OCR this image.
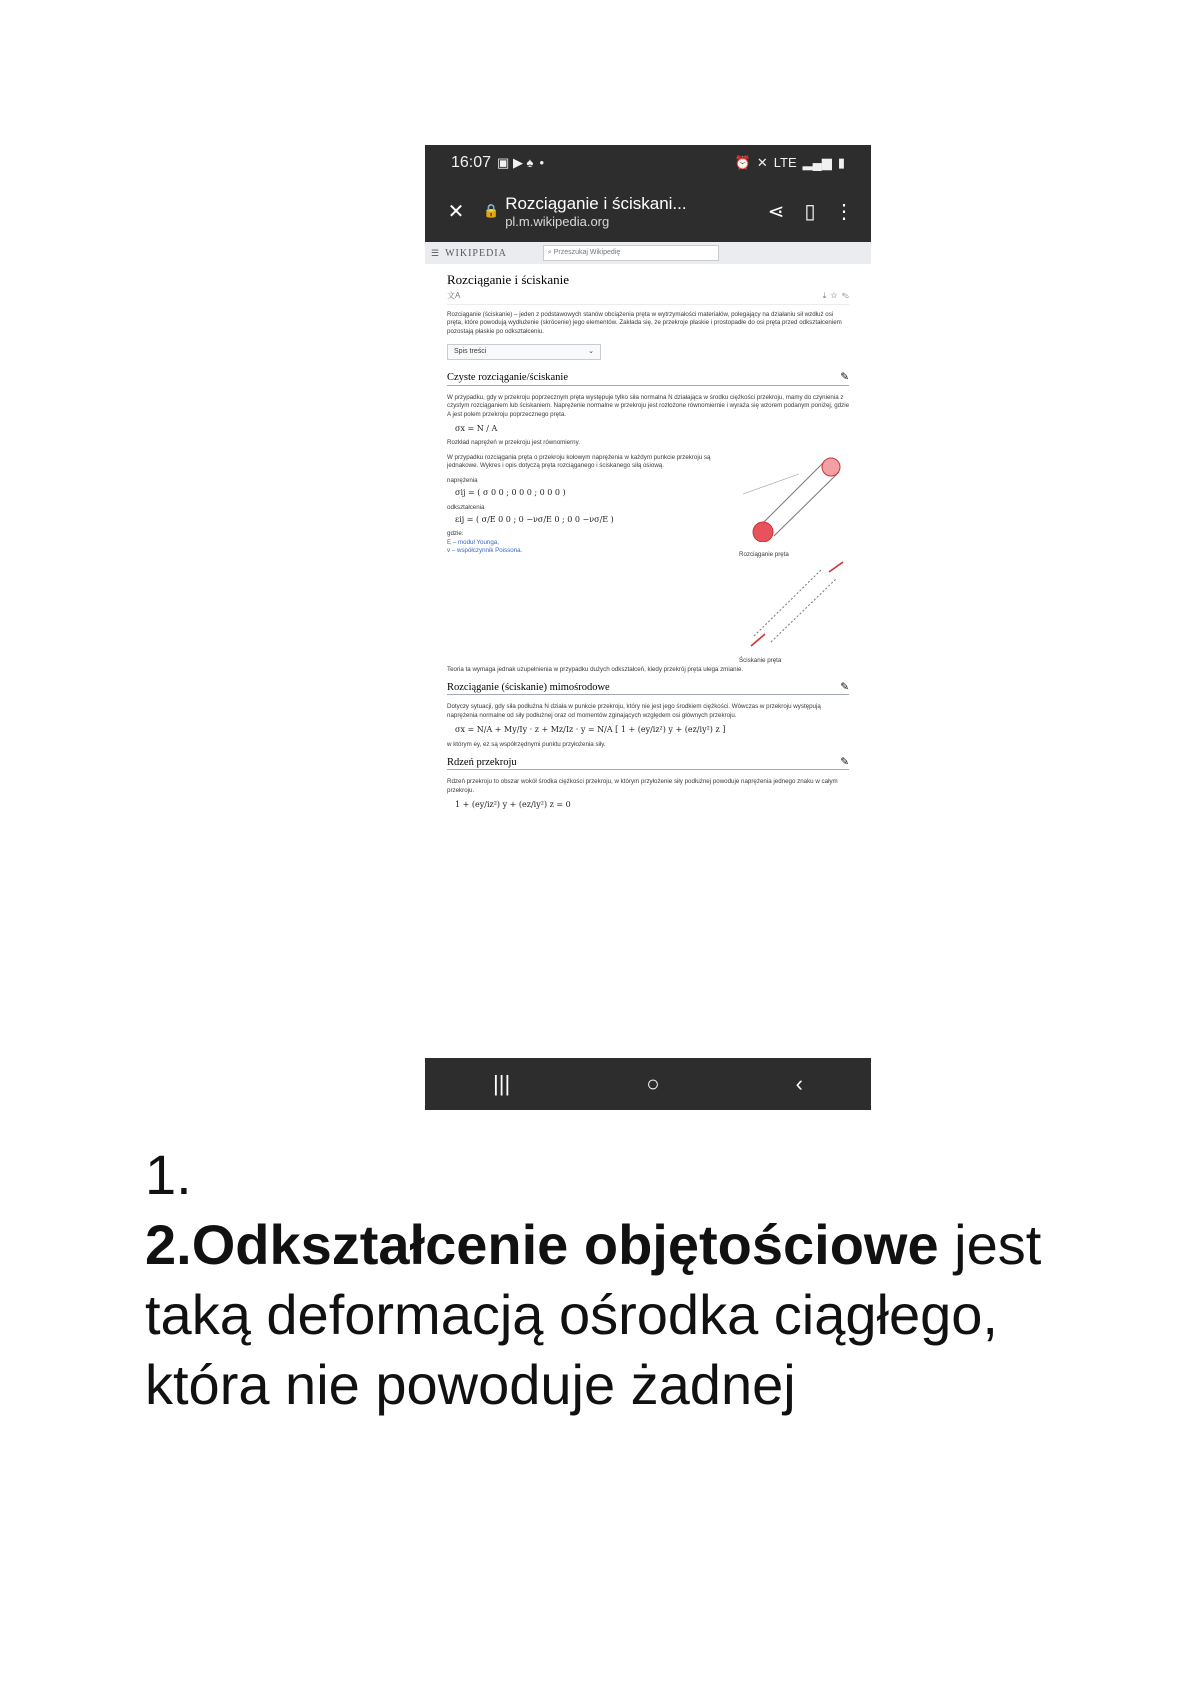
16:07 ▣ ▶ ♠ •	⏰ ✕ LTE ▂▄▆ ▮
✕	🔒 Rozciąganie i ściskani...
pl.m.wikipedia.org	⋖	▯ ⋮
☰ WIKIPEDIA	⌕ Przeszukaj Wikipedię
Rozciąganie i ściskanie
文A	⤓ ☆ ✎
Rozciąganie (ściskanie) – jeden z podstawowych stanów obciążenia pręta w wytrzymałości materiałów, polegający na działaniu sił wzdłuż osi pręta, które powodują wydłużenie (skrócenie) jego elementów. Zakłada się, że przekroje płaskie i prostopadłe do osi pręta przed odkształceniem pozostają płaskie po odkształceniu.
Spis treści	⌄
Czyste rozciąganie/ściskanie	✎
W przypadku, gdy w przekroju poprzecznym pręta występuje tylko siła normalna N działająca w środku ciężkości przekroju, mamy do czynienia z czystym rozciąganiem lub ściskaniem. Naprężenie normalne w przekroju jest rozłożone równomiernie i wyraża się wzorem podanym poniżej, gdzie A jest polem przekroju poprzecznego pręta.
σx = N / A
Rozkład naprężeń w przekroju jest równomierny.
W przypadku rozciągania pręta o przekroju kołowym naprężenia w każdym punkcie przekroju są jednakowe. Wykres i opis dotyczą pręta rozciąganego i ściskanego siłą osiową.
naprężenia
σij = ( σ 0 0 ; 0 0 0 ; 0 0 0 )
odkształcenia
εij = ( σ/E 0 0 ; 0 −νσ/E 0 ; 0 0 −νσ/E )
gdzie:
E – moduł Younga,
ν – współczynnik Poissona.
Rozciąganie pręta
Ściskanie pręta
Teoria ta wymaga jednak uzupełnienia w przypadku dużych odkształceń, kiedy przekrój pręta ulega zmianie.
Rozciąganie (ściskanie) mimośrodowe	✎
Dotyczy sytuacji, gdy siła podłużna N działa w punkcie przekroju, który nie jest jego środkiem ciężkości. Wówczas w przekroju występują naprężenia normalne od siły podłużnej oraz od momentów zginających względem osi głównych przekroju.
σx = N/A + My/Iy · z + Mz/Iz · y = N/A [ 1 + (ey/iz²) y + (ez/iy²) z ]
w którym ey, ez są współrzędnymi punktu przyłożenia siły.
Rdzeń przekroju	✎
Rdzeń przekroju to obszar wokół środka ciężkości przekroju, w którym przyłożenie siły podłużnej powoduje naprężenia jednego znaku w całym przekroju.
1 + (ey/iz²) y + (ez/iy²) z = 0
|||	○	‹
1.
2.Odkształcenie objętościowe jest taką deformacją ośrodka ciągłego, która nie powoduje żadnej
